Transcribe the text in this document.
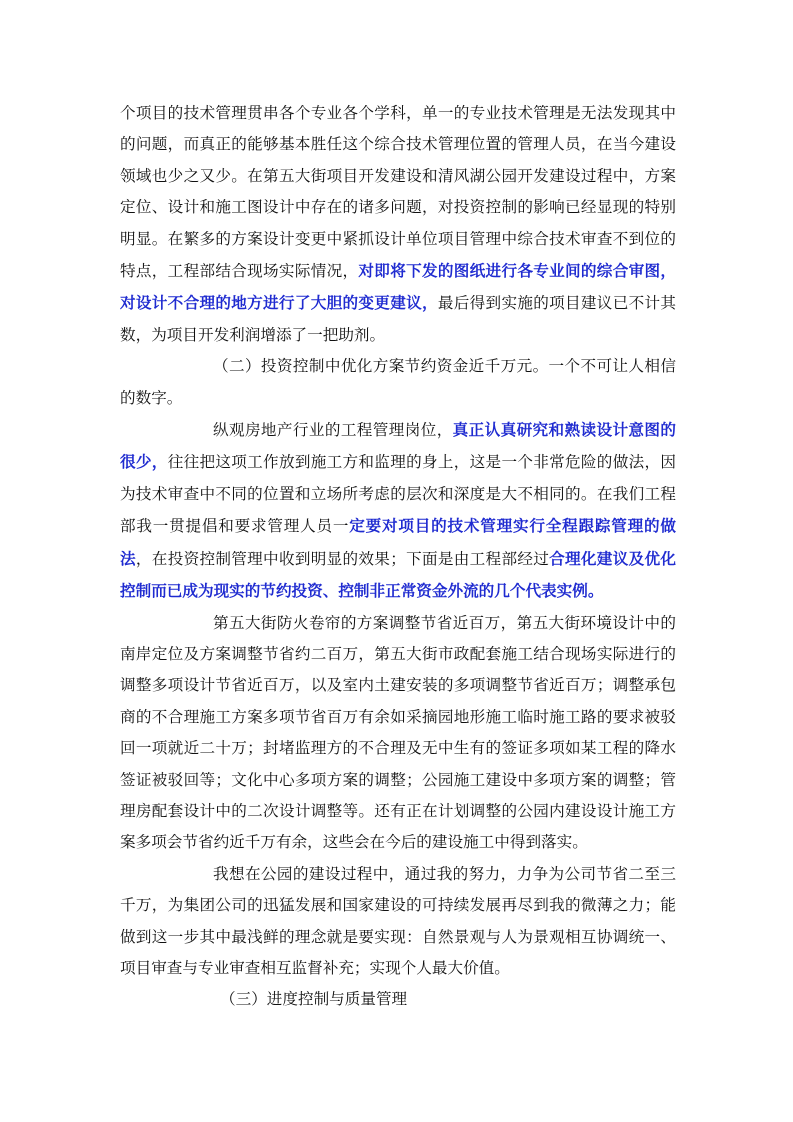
个项目的技术管理贯串各个专业各个学科，单一的专业技术管理是无法发现其中的问题，而真正的能够基本胜任这个综合技术管理位置的管理人员，在当今建设领域也少之又少。在第五大街项目开发建设和清风湖公园开发建设过程中，方案定位、设计和施工图设计中存在的诸多问题，对投资控制的影响已经显现的特别明显。在繁多的方案设计变更中紧抓设计单位项目管理中综合技术审查不到位的特点，工程部结合现场实际情况，对即将下发的图纸进行各专业间的综合审图，对设计不合理的地方进行了大胆的变更建议，最后得到实施的项目建议已不计其数，为项目开发利润增添了一把助剂。

（二）投资控制中优化方案节约资金近千万元。一个不可让人相信的数字。

纵观房地产行业的工程管理岗位，真正认真研究和熟读设计意图的很少，往往把这项工作放到施工方和监理的身上，这是一个非常危险的做法，因为技术审查中不同的位置和立场所考虑的层次和深度是大不相同的。在我们工程部我一贯提倡和要求管理人员一定要对项目的技术管理实行全程跟踪管理的做法，在投资控制管理中收到明显的效果；下面是由工程部经过合理化建议及优化控制而已成为现实的节约投资、控制非正常资金外流的几个代表实例。

第五大街防火卷帘的方案调整节省近百万，第五大街环境设计中的南岸定位及方案调整节省约二百万，第五大街市政配套施工结合现场实际进行的调整多项设计节省近百万，以及室内土建安装的多项调整节省近百万；调整承包商的不合理施工方案多项节省百万有余如采摘园地形施工临时施工路的要求被驳回一项就近二十万；封堵监理方的不合理及无中生有的签证多项如某工程的降水签证被驳回等；文化中心多项方案的调整；公园施工建设中多项方案的调整；管理房配套设计中的二次设计调整等。还有正在计划调整的公园内建设设计施工方案多项会节省约近千万有余，这些会在今后的建设施工中得到落实。

我想在公园的建设过程中，通过我的努力，力争为公司节省二至三千万，为集团公司的迅猛发展和国家建设的可持续发展再尽到我的微薄之力；能做到这一步其中最浅鲜的理念就是要实现：自然景观与人为景观相互协调统一、项目审查与专业审查相互监督补充；实现个人最大价值。

（三）进度控制与质量管理
